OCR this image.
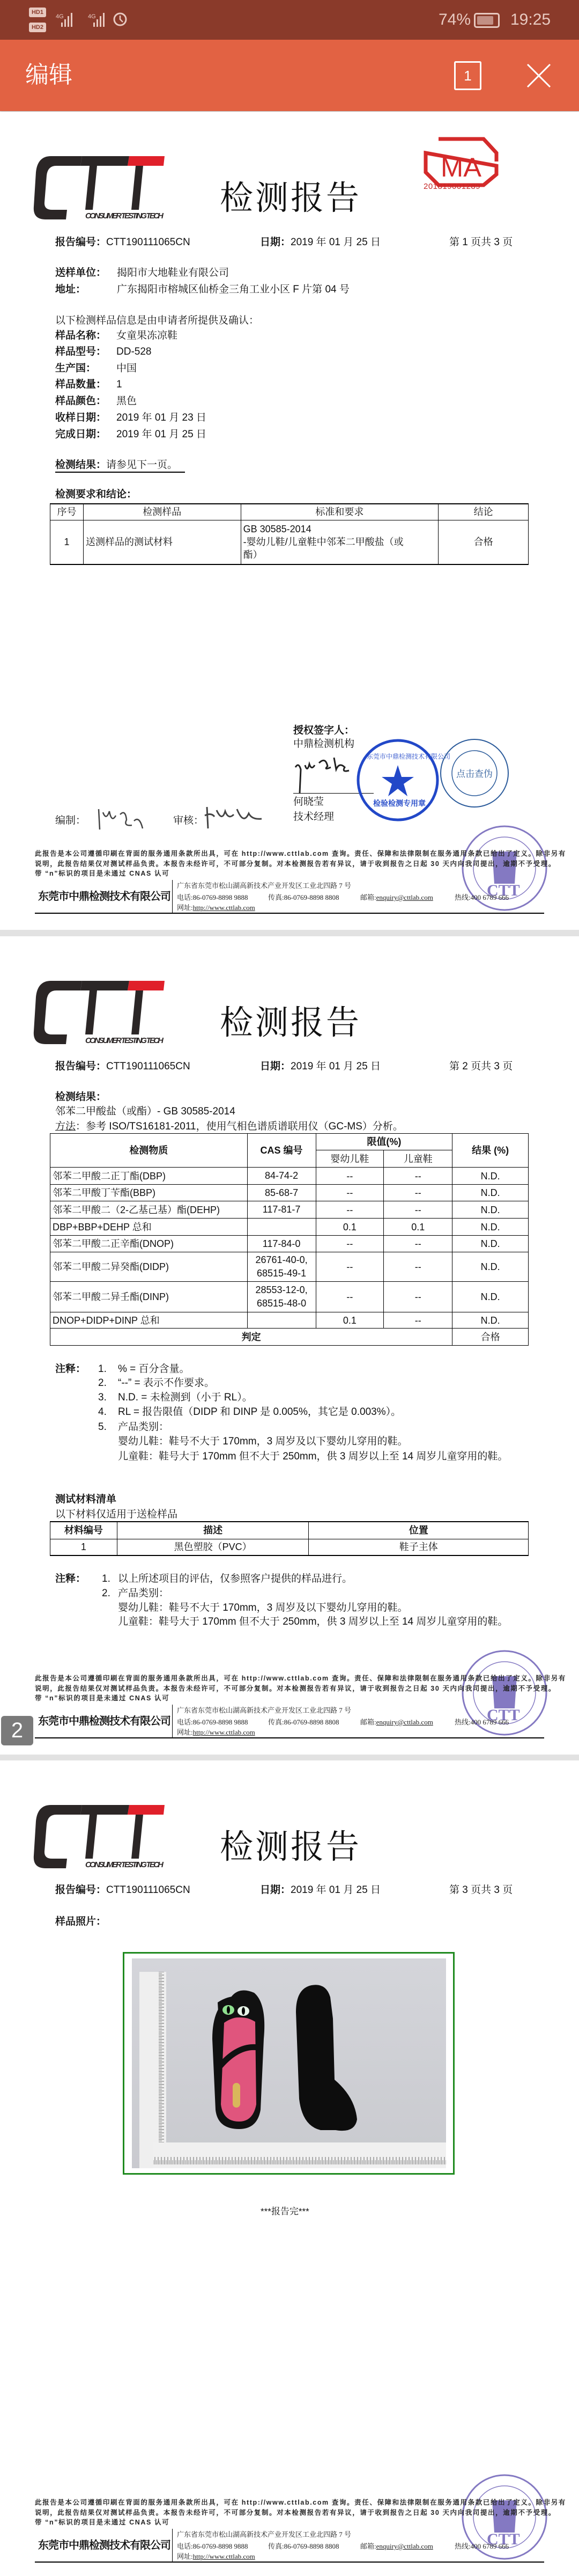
HD1
HD2
4G	4G	74% 19:25
编辑	1
CONSUMER TESTING TECH 检测报告
MA
201819001289
报告编号：CTT190111065CN	日期：2019 年 01 月 25 日	第 1 页共 3 页
送样单位： 揭阳市大地鞋业有限公司
地址：	广东揭阳市榕城区仙桥金三角工业小区 F 片第 04 号
以下检测样品信息是由申请者所提供及确认：
样品名称： 女童果冻凉鞋
样品型号： DD-528
生产国： 中国
样品数量： 1
样品颜色： 黑色
收样日期： 2019 年 01 月 23 日
完成日期： 2019 年 01 月 25 日
检测结果：请参见下一页。
检测要求和结论：
序号	检测样品	标准和要求	结论
1	送测样品的测试材料	GB 30585-2014
-婴幼儿鞋/儿童鞋中邻苯二甲酸盐（或
酯）	合格
授权签字人：
中鼎检测机构
何晓莹
技术经理
编制：	审核：
检验检测专用章
东莞市中鼎检测技术有限公司
点击查伪
CTT
此报告是本公司遵循印刷在背面的服务通用条款所出具，可在 http://www.cttlab.com 查询。责任、保障和法律限制在服务通用条款已给出了定义。除非另有
说明，此报告结果仅对测试样品负责。本报告未经许可，不可部分复制。对本检测报告若有异议，请于收到报告之日起 30 天内向我司提出，逾期不予受理。
带 “n”标识的项目是未通过 CNAS 认可
东莞市中鼎检测技术有限公司
广东省东莞市松山湖高新技术产业开发区工业北四路 7 号
电话:86-0769-8898 9888	传真:86-0769-8898 8808	邮箱:enquiry@cttlab.com	热线:400 6789 666
网址:http://www.cttlab.com
CONSUMER TESTING TECH 检测报告
报告编号：CTT190111065CN	日期：2019 年 01 月 25 日	第 2 页共 3 页
检测结果：
邻苯二甲酸盐（或酯）- GB 30585-2014
方法：参考 ISO/TS16181-2011，使用气相色谱质谱联用仪（GC-MS）分析。
检测物质	CAS 编号	限值(%)		结果 (%)
		婴幼儿鞋	儿童鞋	
邻苯二甲酸二正丁酯(DBP)	84-74-2	--	--	N.D.
邻苯二甲酸丁苄酯(BBP)	85-68-7	--	--	N.D.
邻苯二甲酸二（2-乙基己基）酯(DEHP)	117-81-7	--	--	N.D.
DBP+BBP+DEHP 总和		0.1	0.1	N.D.
邻苯二甲酸二正辛酯(DNOP)	117-84-0	--	--	N.D.
邻苯二甲酸二异癸酯(DIDP)	26761-40-0, 68515-49-1	--	--	N.D.
邻苯二甲酸二异壬酯(DINP)	28553-12-0, 68515-48-0	--	--	N.D.
DNOP+DIDP+DINP 总和		0.1	--	N.D.
判定				合格
注释： 1. % = 百分含量。
2. “--” = 表示不作要求。
3. N.D. = 未检测到（小于 RL）。
4. RL = 报告限值（DIDP 和 DINP 是 0.005%，其它是 0.003%）。
5. 产品类别：
婴幼儿鞋：鞋号不大于 170mm，3 周岁及以下婴幼儿穿用的鞋。
儿童鞋：鞋号大于 170mm 但不大于 250mm，供 3 周岁以上至 14 周岁儿童穿用的鞋。
测试材料清单
以下材料仅适用于送检样品
材料编号	描述	位置
1	黑色塑胶（PVC）	鞋子主体
注释： 1. 以上所述项目的评估，仅参照客户提供的样品进行。
2. 产品类别：
婴幼儿鞋：鞋号不大于 170mm，3 周岁及以下婴幼儿穿用的鞋。
儿童鞋：鞋号大于 170mm 但不大于 250mm，供 3 周岁以上至 14 周岁儿童穿用的鞋。
CTT
此报告是本公司遵循印刷在背面的服务通用条款所出具，可在 http://www.cttlab.com 查询。责任、保障和法律限制在服务通用条款已给出了定义。除非另有
说明，此报告结果仅对测试样品负责。本报告未经许可，不可部分复制。对本检测报告若有异议，请于收到报告之日起 30 天内向我司提出，逾期不予受理。
带 “n”标识的项目是未通过 CNAS 认可
东莞市中鼎检测技术有限公司
广东省东莞市松山湖高新技术产业开发区工业北四路 7 号
电话:86-0769-8898 9888	传真:86-0769-8898 8808	邮箱:enquiry@cttlab.com	热线:400 6789 666
网址:http://www.cttlab.com
2
CONSUMER TESTING TECH 检测报告
报告编号：CTT190111065CN	日期：2019 年 01 月 25 日	第 3 页共 3 页
样品照片：
***报告完***
CTT
此报告是本公司遵循印刷在背面的服务通用条款所出具，可在 http://www.cttlab.com 查询。责任、保障和法律限制在服务通用条款已给出了定义。除非另有
说明，此报告结果仅对测试样品负责。本报告未经许可，不可部分复制。对本检测报告若有异议，请于收到报告之日起 30 天内向我司提出，逾期不予受理。
带 “n”标识的项目是未通过 CNAS 认可
东莞市中鼎检测技术有限公司
广东省东莞市松山湖高新技术产业开发区工业北四路 7 号
电话:86-0769-8898 9888	传真:86-0769-8898 8808	邮箱:enquiry@cttlab.com	热线:400 6789 666
网址:http://www.cttlab.com
